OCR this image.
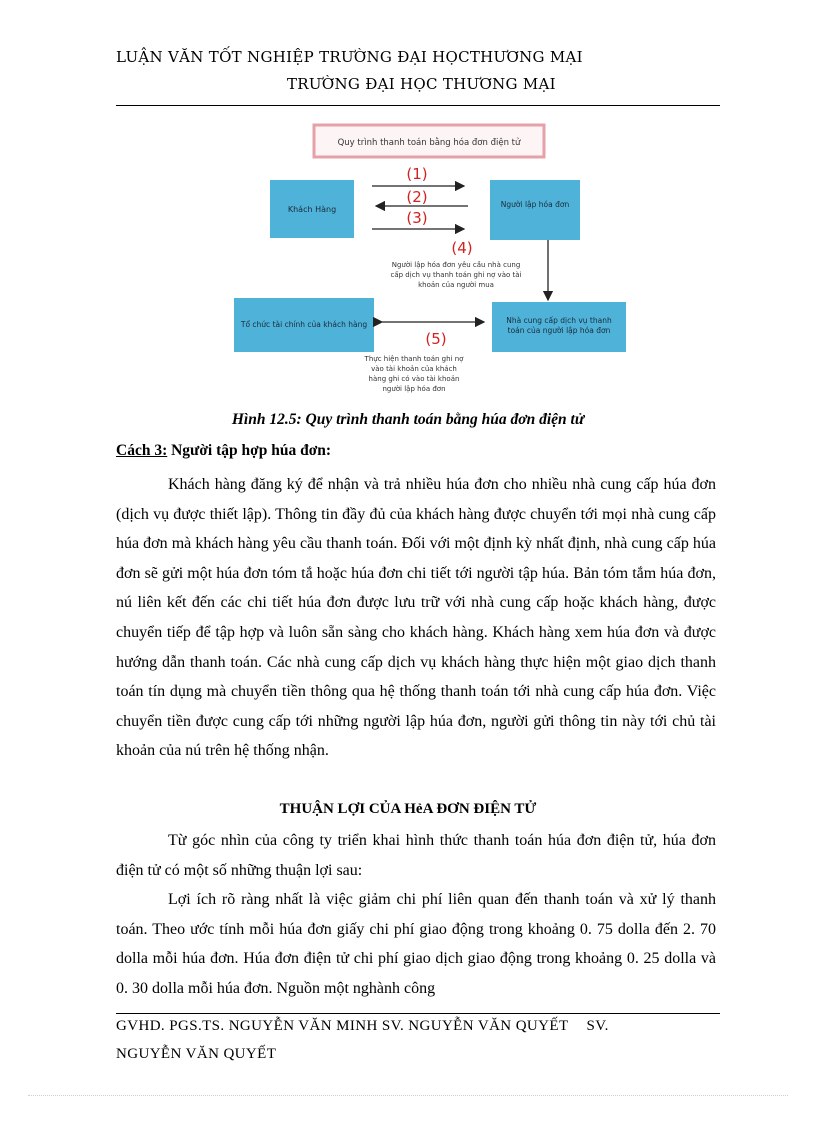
LUẬN VĂN TỐT NGHIỆP TRƯỜNG ĐẠI HỌCTHƯƠNG MẠI
TRƯỜNG ĐẠI HỌC THƯƠNG MẠI
Quy trình thanh toán bằng hóa đơn điện tử
Khách Hàng
Người lập hóa đơn
(1)
(2)
(3)
(4)
Người lập hóa đơn yêu cầu nhà cung
cấp dịch vụ thanh toán ghi nợ vào tài
khoản của người mua
Tổ chức tài chính của khách hàng	Nhà cung cấp dịch vụ thanh
toán của người lập hóa đơn
(5)
Thực hiện thanh toán ghi nợ
vào tài khoản của khách
hàng ghi có vào tài khoản
người lập hóa đơn
Hình 12.5: Quy trình thanh toán bằng húa đơn điện tử
Cách 3: Người tập hợp húa đơn:
Khách hàng đăng ký để nhận và trả nhiều húa đơn cho nhiều nhà cung cấp húa đơn (dịch vụ được thiết lập). Thông tin đầy đủ của khách hàng được chuyển tới mọi nhà cung cấp húa đơn mà khách hàng yêu cầu thanh toán. Đối với một định kỳ nhất định, nhà cung cấp húa đơn sẽ gửi một húa đơn tóm tắ hoặc húa đơn chi tiết tới người tập húa. Bản tóm tắm húa đơn, nú liên kết đến các chi tiết húa đơn được lưu trữ với nhà cung cấp hoặc khách hàng, được chuyển tiếp để tập hợp và luôn sẵn sàng cho khách hàng. Khách hàng xem húa đơn và được hướng dẫn thanh toán. Các nhà cung cấp dịch vụ khách hàng thực hiện một giao dịch thanh toán tín dụng mà chuyển tiền thông qua hệ thống thanh toán tới nhà cung cấp húa đơn. Việc chuyển tiền được cung cấp tới những người lập húa đơn, người gửi thông tin này tới chủ tài khoản của nú trên hệ thống nhận.
THUẬN LỢI CỦA HẻA ĐƠN ĐIỆN TỬ
Từ góc nhìn của công ty triển khai hình thức thanh toán húa đơn điện tử, húa đơn điện tử có một số những thuận lợi sau:
Lợi ích rõ ràng nhất là việc giảm chi phí liên quan đến thanh toán và xử lý thanh toán. Theo ước tính mỗi húa đơn giấy chi phí giao động trong khoảng 0. 75 dolla đến 2. 70 dolla mỗi húa đơn. Húa đơn điện tử chi phí giao dịch giao động trong khoảng 0. 25 dolla và 0. 30 dolla mỗi húa đơn. Nguồn một nghành công
GVHD. PGS.TS. NGUYỄN VĂN MINH SV. NGUYỄN VĂN QUYẾT SV.
NGUYỄN VĂN QUYẾT
